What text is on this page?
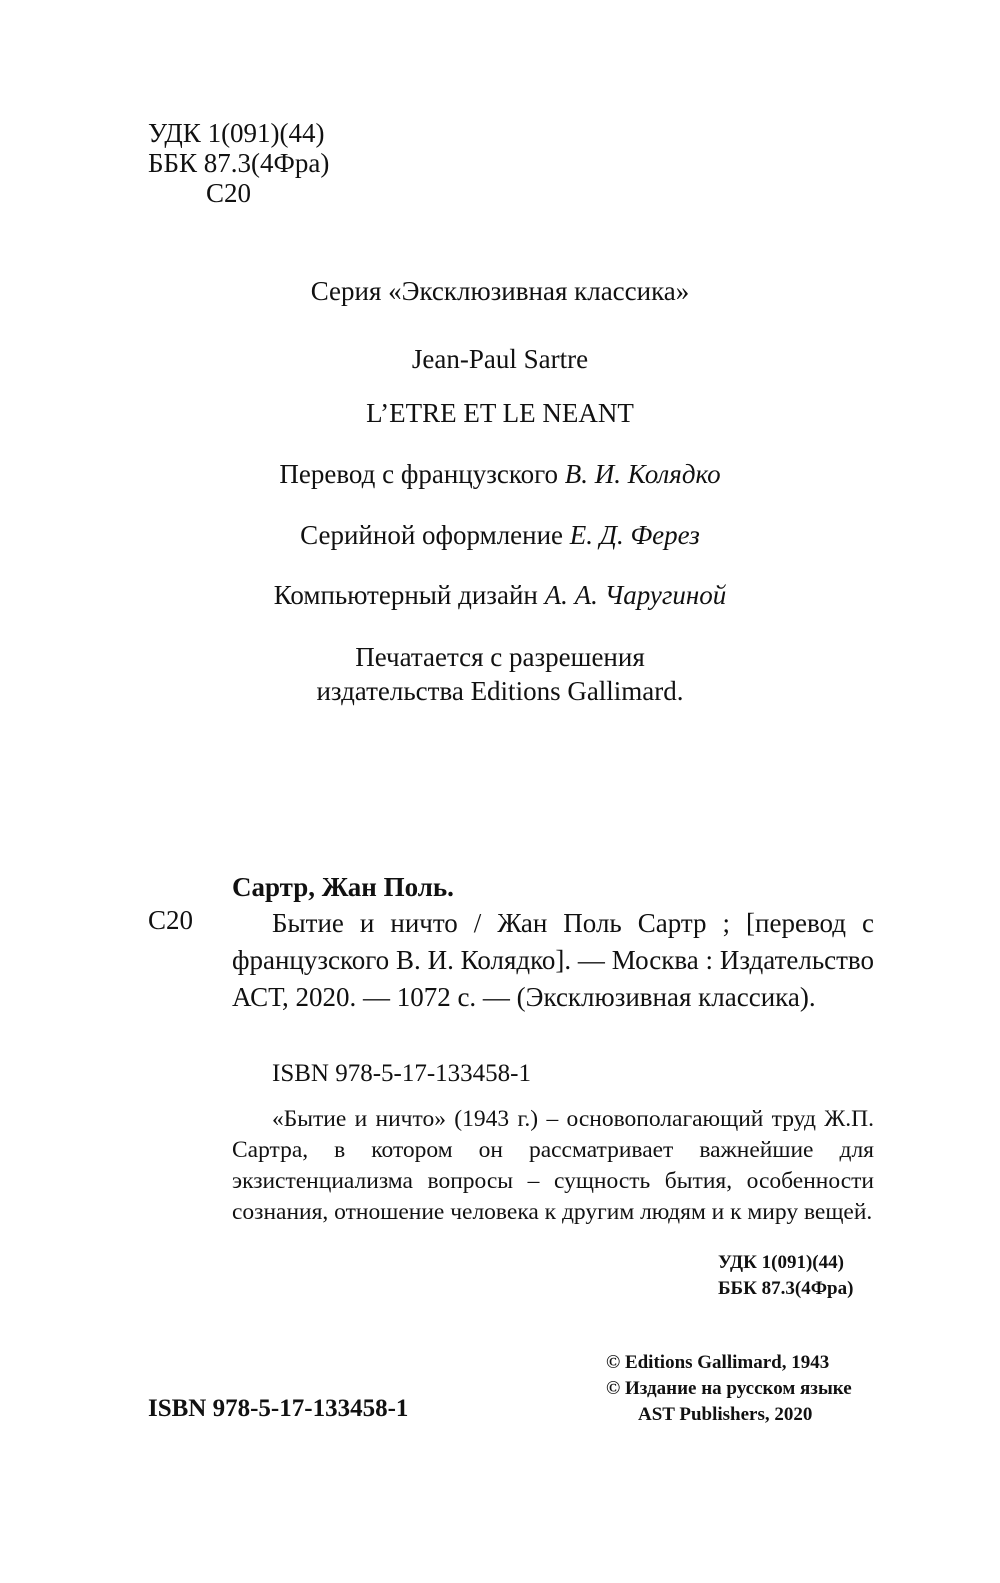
УДК 1(091)(44)
ББК 87.3(4Фра)
С20

Серия «Эксклюзивная классика»

Jean-Paul Sartre

L’ETRE ET LE NEANT

Перевод с французского В. И. Колядко

Серийной оформление Е. Д. Ферез

Компьютерный дизайн А. А. Чаругиной

Печатается с разрешения
издательства Editions Gallimard.
Сартр, Жан Поль.
С20	Бытие и ничто / Жан Поль Сартр ; [перевод с французского В. И. Колядко]. — Москва : Издательство АСТ, 2020. — 1072 с. — (Эксклюзивная классика).

ISBN 978-5-17-133458-1

«Бытие и ничто» (1943 г.) – основополагающий труд Ж.П. Сартра, в котором он рассматривает важнейшие для экзистенциализма вопросы – сущность бытия, особенности сознания, отношение человека к другим людям и к миру вещей.

УДК 1(091)(44)
ББК 87.3(4Фра)
ISBN 978-5-17-133458-1
© Editions Gallimard, 1943
© Издание на русском языке
AST Publishers, 2020
